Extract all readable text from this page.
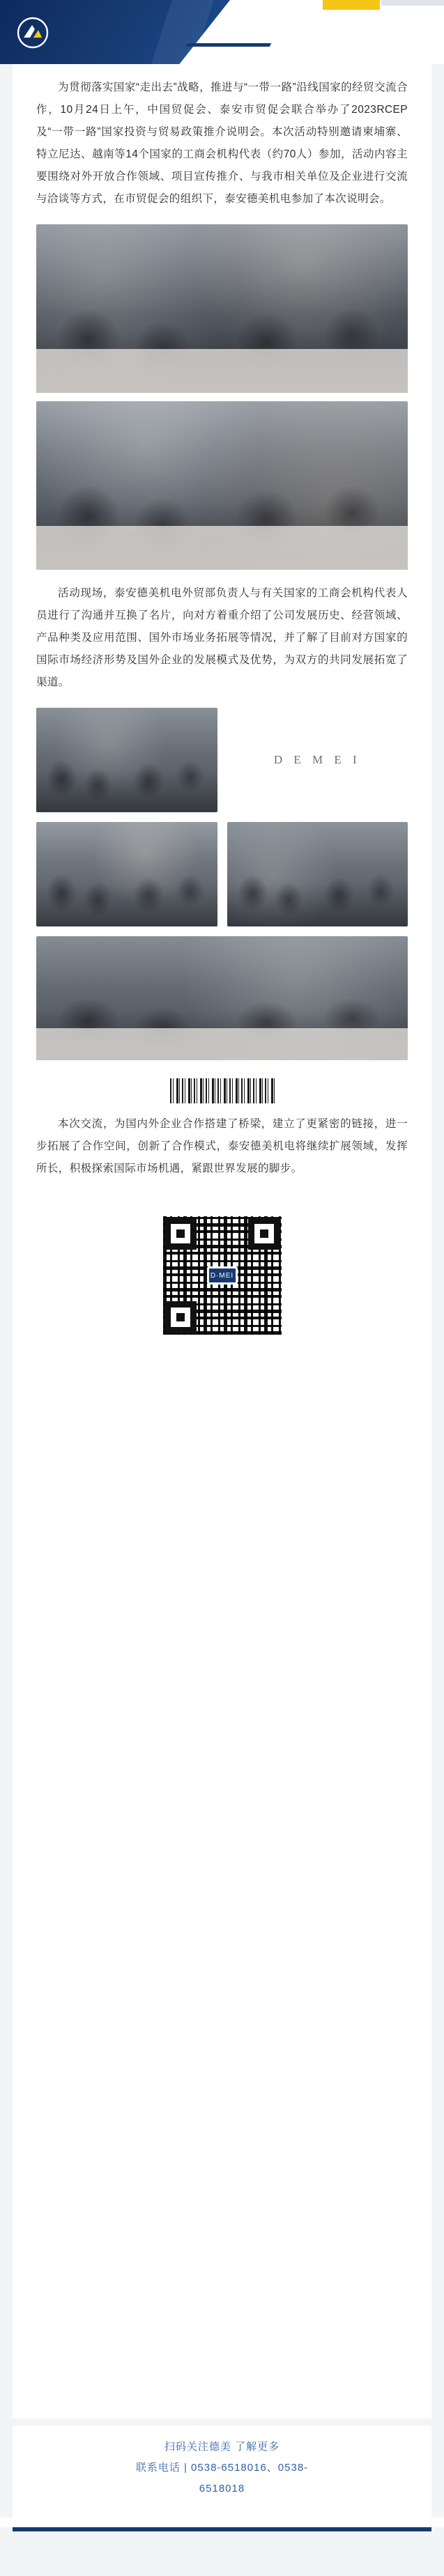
为贯彻落实国家“走出去”战略，推进与“一带一路”沿线国家的经贸交流合作，10月24日上午，中国贸促会、泰安市贸促会联合举办了2023RCEP及“一带一路”国家投资与贸易政策推介说明会。本次活动特别邀请柬埔寨、特立尼达、越南等14个国家的工商会机构代表（约70人）参加，活动内容主要围绕对外开放合作领域、项目宣传推介、与我市相关单位及企业进行交流与洽谈等方式，在市贸促会的组织下，泰安德美机电参加了本次说明会。

活动现场，泰安德美机电外贸部负责人与有关国家的工商会机构代表人员进行了沟通并互换了名片，向对方着重介绍了公司发展历史、经营领域、产品种类及应用范围、国外市场业务拓展等情况，并了解了目前对方国家的国际市场经济形势及国外企业的发展模式及优势，为双方的共同发展拓宽了渠道。

D E M E I

本次交流，为国内外企业合作搭建了桥梁，建立了更紧密的链接，进一步拓展了合作空间，创新了合作模式，泰安德美机电将继续扩展领域，发挥所长，积极探索国际市场机遇，紧跟世界发展的脚步。

D·MEI
扫码关注德美 了解更多
联系电话 | 0538-6518016、0538-
6518018
